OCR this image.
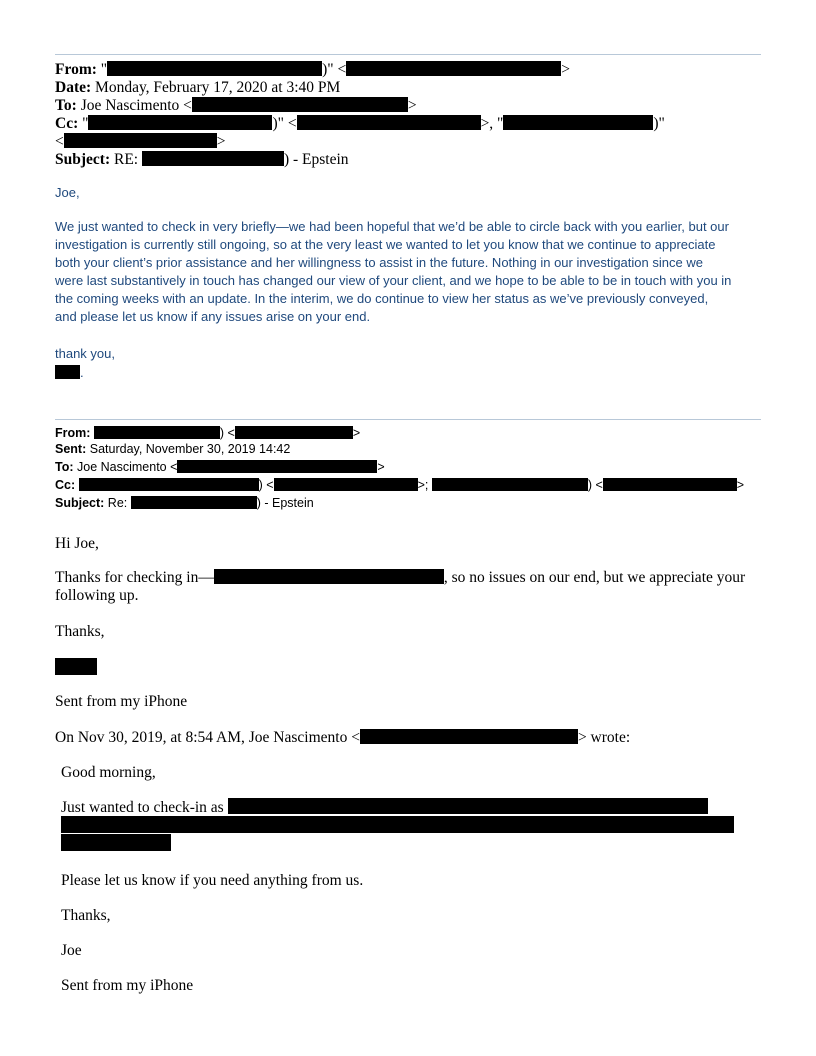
From: "	)" <	>
Date: Monday, February 17, 2020 at 3:40 PM
To: Joe Nascimento <	>
Cc: "	)" <	>, "	)"
<	>
Subject: RE:	) - Epstein
Joe,
We just wanted to check in very briefly—we had been hopeful that we’d be able to circle back with you earlier, but our
investigation is currently still ongoing, so at the very least we wanted to let you know that we continue to appreciate
both your client’s prior assistance and her willingness to assist in the future. Nothing in our investigation since we
were last substantively in touch has changed our view of your client, and we hope to be able to be in touch with you in
the coming weeks with an update. In the interim, we do continue to view her status as we’ve previously conveyed,
and please let us know if any issues arise on your end.
thank you,
.
From:	) <	>
Sent: Saturday, November 30, 2019 14:42
To: Joe Nascimento <	>
Cc:	) <	>;	) <	>
Subject: Re:	) - Epstein
Hi Joe,
Thanks for checking in—	, so no issues on our end, but we appreciate your
following up.
Thanks,
Sent from my iPhone
On Nov 30, 2019, at 8:54 AM, Joe Nascimento <	> wrote:
Good morning,
Just wanted to check-in as
Please let us know if you need anything from us.
Thanks,
Joe
Sent from my iPhone
